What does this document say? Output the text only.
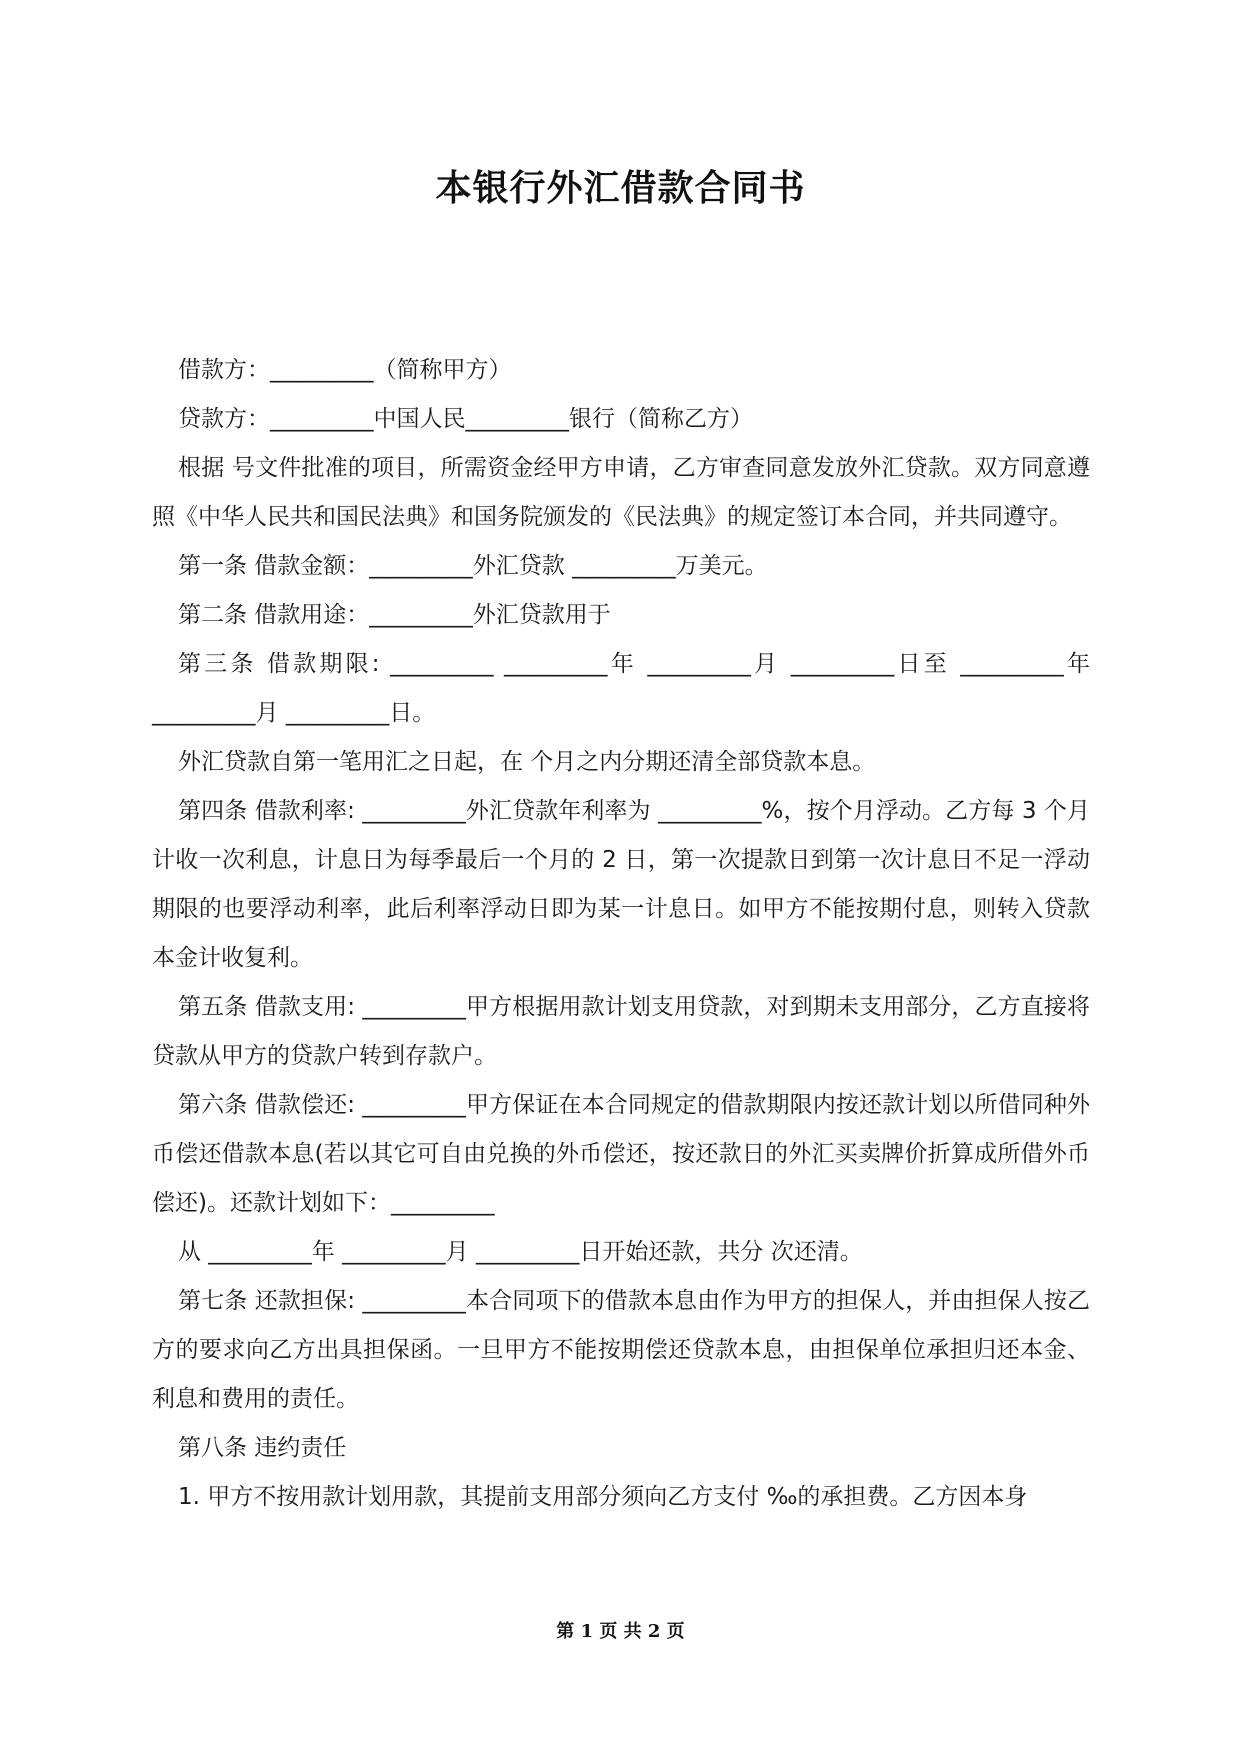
本银行外汇借款合同书

借款方：_________（简称甲方）

贷款方：_________中国人民_________银行（简称乙方）

根据 号文件批准的项目，所需资金经甲方申请，乙方审查同意发放外汇贷款。双方同意遵照《中华人民共和国民法典》和国务院颁发的《民法典》的规定签订本合同，并共同遵守。

第一条 借款金额：_________外汇贷款 _________万美元。

第二条 借款用途：_________外汇贷款用于

第三条 借款期限: _________ _________年 _________月 _________日至 _________年 _________月 _________日。

外汇贷款自第一笔用汇之日起，在 个月之内分期还清全部贷款本息。

第四条 借款利率: _________外汇贷款年利率为 _________%，按个月浮动。乙方每 3 个月计收一次利息，计息日为每季最后一个月的 2 日，第一次提款日到第一次计息日不足一浮动期限的也要浮动利率，此后利率浮动日即为某一计息日。如甲方不能按期付息，则转入贷款本金计收复利。

第五条 借款支用: _________甲方根据用款计划支用贷款，对到期未支用部分，乙方直接将贷款从甲方的贷款户转到存款户。

第六条 借款偿还: _________甲方保证在本合同规定的借款期限内按还款计划以所借同种外币偿还借款本息(若以其它可自由兑换的外币偿还，按还款日的外汇买卖牌价折算成所借外币偿还)。还款计划如下：_________

从 _________年 _________月 _________日开始还款，共分 次还清。

第七条 还款担保: _________本合同项下的借款本息由作为甲方的担保人，并由担保人按乙方的要求向乙方出具担保函。一旦甲方不能按期偿还贷款本息，由担保单位承担归还本金、利息和费用的责任。

第八条 违约责任

1. 甲方不按用款计划用款，其提前支用部分须向乙方支付 ‰的承担费。乙方因本身

第 1 页 共 2 页
